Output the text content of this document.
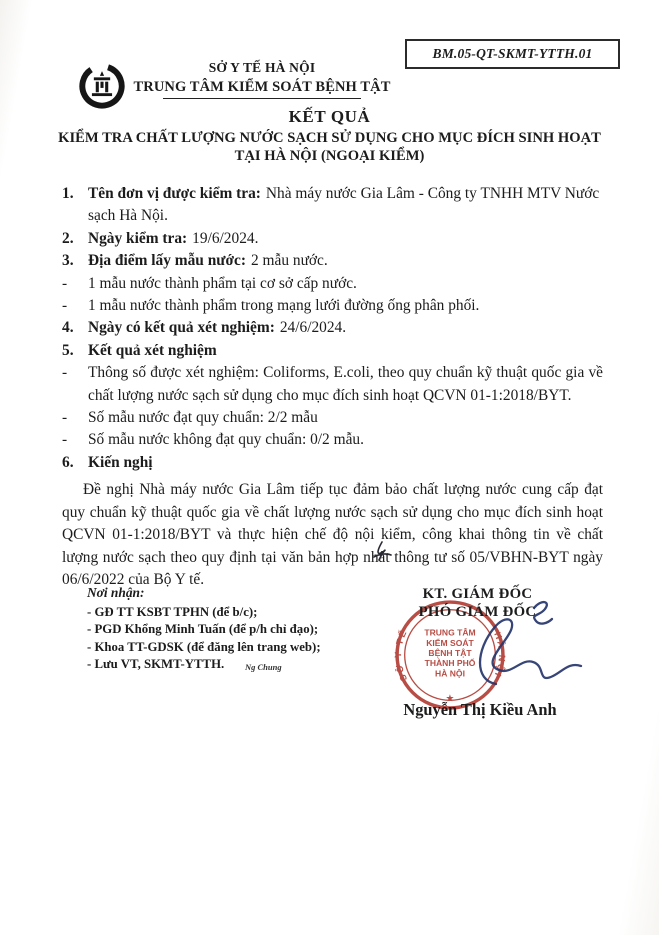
BM.05-QT-SKMT-YTTH.01
SỞ Y TẾ HÀ NỘI
TRUNG TÂM KIỂM SOÁT BỆNH TẬT
KẾT QUẢ
KIỂM TRA CHẤT LƯỢNG NƯỚC SẠCH SỬ DỤNG CHO MỤC ĐÍCH SINH HOẠT
TẠI HÀ NỘI (NGOẠI KIỂM)
1. Tên đơn vị được kiểm tra: Nhà máy nước Gia Lâm - Công ty TNHH MTV Nước sạch Hà Nội.
2. Ngày kiểm tra: 19/6/2024.
3. Địa điểm lấy mẫu nước: 2 mẫu nước.
-	1 mẫu nước thành phẩm tại cơ sở cấp nước.
-	1 mẫu nước thành phẩm trong mạng lưới đường ống phân phối.
4. Ngày có kết quả xét nghiệm: 24/6/2024.
5. Kết quả xét nghiệm
-	Thông số được xét nghiệm: Coliforms, E.coli, theo quy chuẩn kỹ thuật quốc gia về chất lượng nước sạch sử dụng cho mục đích sinh hoạt QCVN 01-1:2018/BYT.
-	Số mẫu nước đạt quy chuẩn: 2/2 mẫu
-	Số mẫu nước không đạt quy chuẩn: 0/2 mẫu.
6. Kiến nghị
Đề nghị Nhà máy nước Gia Lâm tiếp tục đảm bảo chất lượng nước cung cấp đạt quy chuẩn kỹ thuật quốc gia về chất lượng nước sạch sử dụng cho mục đích sinh hoạt QCVN 01-1:2018/BYT và thực hiện chế độ nội kiểm, công khai thông tin về chất lượng nước sạch theo quy định tại văn bản hợp nhất thông tư số 05/VBHN-BYT ngày 06/6/2022 của Bộ Y tế.
Nơi nhận:
- GĐ TT KSBT TPHN (để b/c);
- PGD Khổng Minh Tuấn (để p/h chỉ đạo);
- Khoa TT-GDSK (để đăng lên trang web);
- Lưu VT, SKMT-YTTH.	$^{Ng Chung}$
KT. GIÁM ĐỐC
PHÓ GIÁM ĐỐC
SỞ Y TẾ	HÀ NỘI
TRUNG TÂM
KIỂM SOÁT
BỆNH TẬT
THÀNH PHỐ
HÀ NỘI
★
Nguyễn Thị Kiều Anh
